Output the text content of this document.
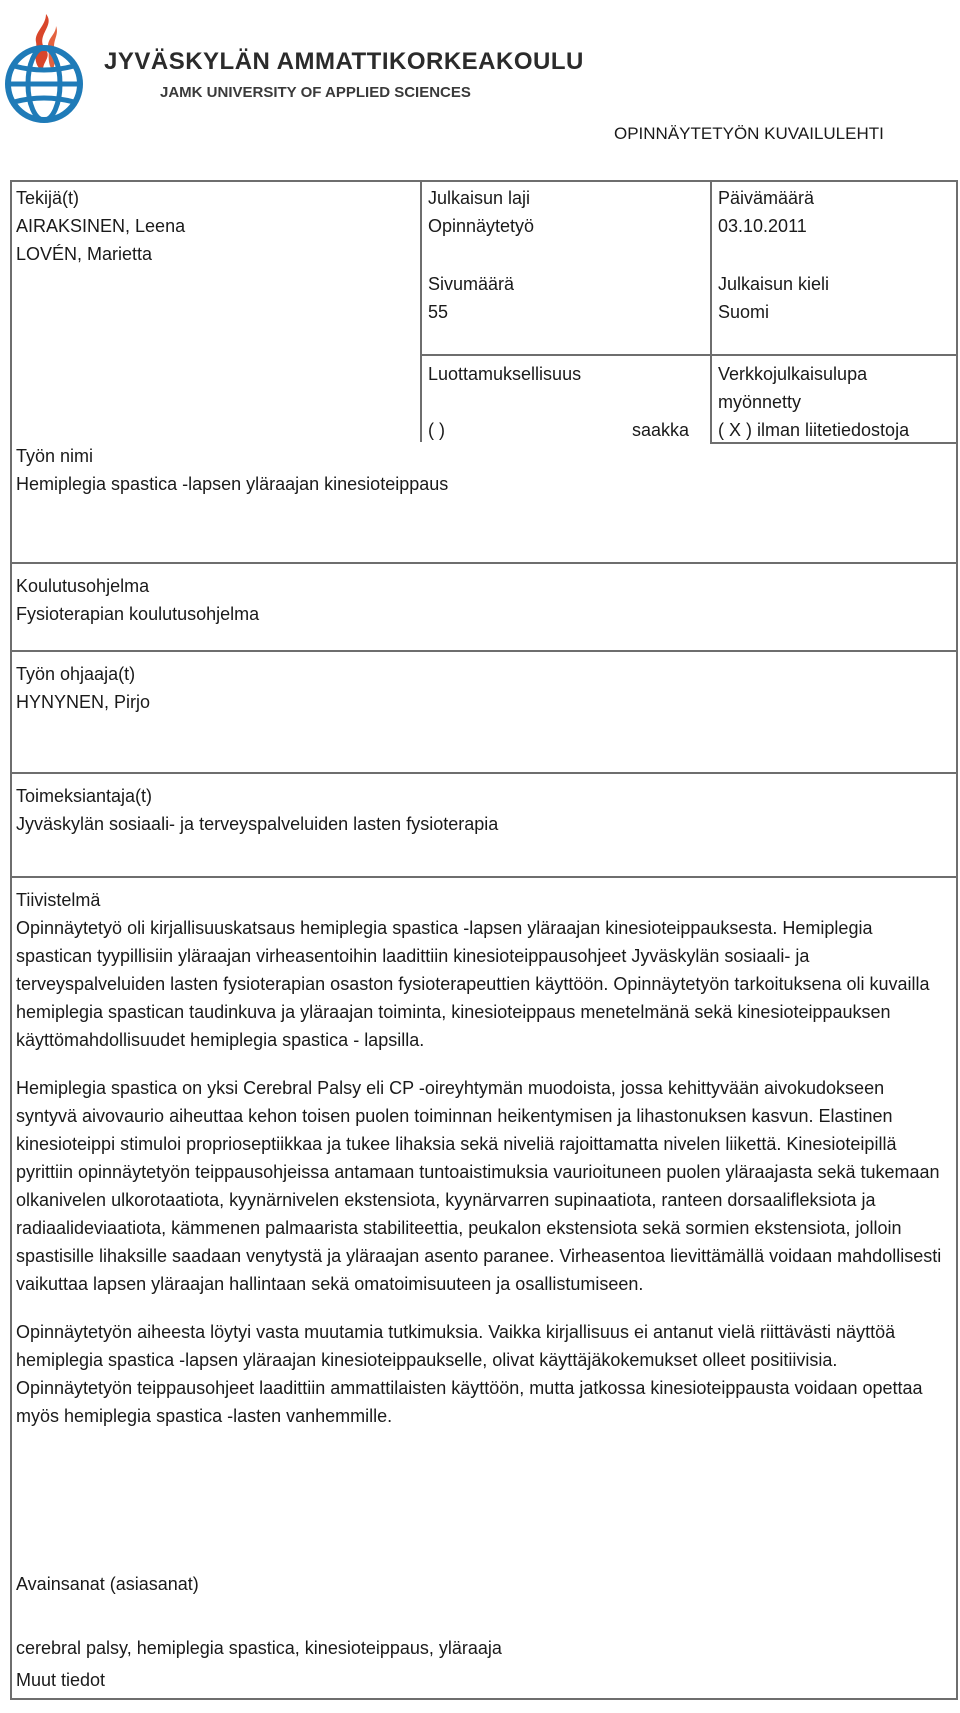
JYVÄSKYLÄN AMMATTIKORKEAKOULU
JAMK UNIVERSITY OF APPLIED SCIENCES
OPINNÄYTETYÖN KUVAILULEHTI
Tekijä(t)
AIRAKSINEN, Leena
LOVÉN, Marietta
Julkaisun laji
Opinnäytetyö
Päivämäärä
03.10.2011
Sivumäärä
55
Julkaisun kieli
Suomi
Luottamuksellisuus
( )	saakka
Verkkojulkaisulupa myönnetty
( X ) ilman liitetiedostoja
Työn nimi
Hemiplegia spastica -lapsen yläraajan kinesioteippaus
Koulutusohjelma
Fysioterapian koulutusohjelma
Työn ohjaaja(t)
HYNYNEN, Pirjo
Toimeksiantaja(t)
Jyväskylän sosiaali- ja terveyspalveluiden lasten fysioterapia

Tiivistelmä

Opinnäytetyö oli kirjallisuuskatsaus hemiplegia spastica -lapsen yläraajan kinesioteippauksesta. Hemiplegia spastican tyypillisiin yläraajan virheasentoihin laadittiin kinesioteippausohjeet Jyväskylän sosiaali- ja terveyspalveluiden lasten fysioterapian osaston fysioterapeuttien käyttöön. Opinnäytetyön tarkoituksena oli kuvailla hemiplegia spastican taudinkuva ja yläraajan toiminta, kinesioteippaus menetelmänä sekä kinesioteippauksen käyttömahdollisuudet hemiplegia spastica - lapsilla.

Hemiplegia spastica on yksi Cerebral Palsy eli CP -oireyhtymän muodoista, jossa kehittyvään aivokudokseen syntyvä aivovaurio aiheuttaa kehon toisen puolen toiminnan heikentymisen ja lihastonuksen kasvun. Elastinen kinesioteippi stimuloi proprioseptiikkaa ja tukee lihaksia sekä niveliä rajoittamatta nivelen liikettä. Kinesioteipillä pyrittiin opinnäytetyön teippausohjeissa antamaan tuntoaistimuksia vaurioituneen puolen yläraajasta sekä tukemaan olkanivelen ulkorotaatiota, kyynärnivelen ekstensiota, kyynärvarren supinaatiota, ranteen dorsaalifleksiota ja radiaalideviaatiota, kämmenen palmaarista stabiliteettia, peukalon ekstensiota sekä sormien ekstensiota, jolloin spastisille lihaksille saadaan venytystä ja yläraajan asento paranee. Virheasentoa lievittämällä voidaan mahdollisesti vaikuttaa lapsen yläraajan hallintaan sekä omatoimisuuteen ja osallistumiseen.

Opinnäytetyön aiheesta löytyi vasta muutamia tutkimuksia. Vaikka kirjallisuus ei antanut vielä riittävästi näyttöä hemiplegia spastica -lapsen yläraajan kinesioteippaukselle, olivat käyttäjäkokemukset olleet positiivisia. Opinnäytetyön teippausohjeet laadittiin ammattilaisten käyttöön, mutta jatkossa kinesioteippausta voidaan opettaa myös hemiplegia spastica -lasten vanhemmille.

Avainsanat (asiasanat)
cerebral palsy, hemiplegia spastica, kinesioteippaus, yläraaja
Muut tiedot
